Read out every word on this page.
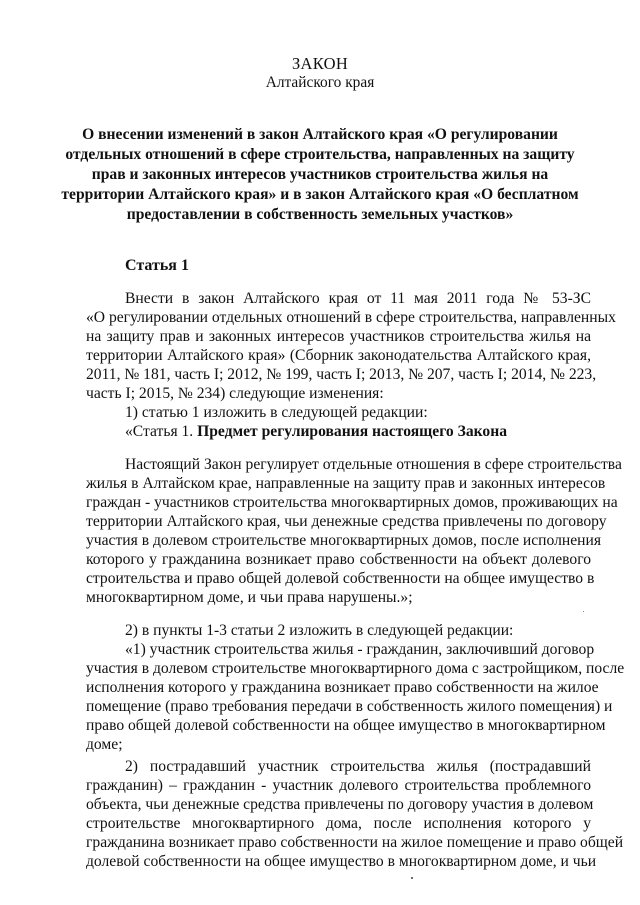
ЗАКОН
Алтайского края
О внесении изменений в закон Алтайского края «О регулировании
отдельных отношений в сфере строительства, направленных на защиту
прав и законных интересов участников строительства жилья на
территории Алтайского края» и в закон Алтайского края «О бесплатном
предоставлении в собственность земельных участков»
Статья 1
Внести в закон Алтайского края от 11 мая 2011 года № 53-ЗС
«О регулировании отдельных отношений в сфере строительства, направленных
на защиту прав и законных интересов участников строительства жилья на
территории Алтайского края» (Сборник законодательства Алтайского края,
2011, № 181, часть I; 2012, № 199, часть I; 2013, № 207, часть I; 2014, № 223,
часть I; 2015, № 234) следующие изменения:
1) статью 1 изложить в следующей редакции:
«Статья 1. Предмет регулирования настоящего Закона
Настоящий Закон регулирует отдельные отношения в сфере строительства
жилья в Алтайском крае, направленные на защиту прав и законных интересов
граждан - участников строительства многоквартирных домов, проживающих на
территории Алтайского края, чьи денежные средства привлечены по договору
участия в долевом строительстве многоквартирных домов, после исполнения
которого у гражданина возникает право собственности на объект долевого
строительства и право общей долевой собственности на общее имущество в
многоквартирном доме, и чьи права нарушены.»;
2) в пункты 1-3 статьи 2 изложить в следующей редакции:
«1) участник строительства жилья - гражданин, заключивший договор
участия в долевом строительстве многоквартирного дома с застройщиком, после
исполнения которого у гражданина возникает право собственности на жилое
помещение (право требования передачи в собственность жилого помещения) и
право общей долевой собственности на общее имущество в многоквартирном
доме;
2) пострадавший участник строительства жилья (пострадавший
гражданин) – гражданин - участник долевого строительства проблемного
объекта, чьи денежные средства привлечены по договору участия в долевом
строительстве многоквартирного дома, после исполнения которого у
гражданина возникает право собственности на жилое помещение и право общей
долевой собственности на общее имущество в многоквартирном доме, и чьи
